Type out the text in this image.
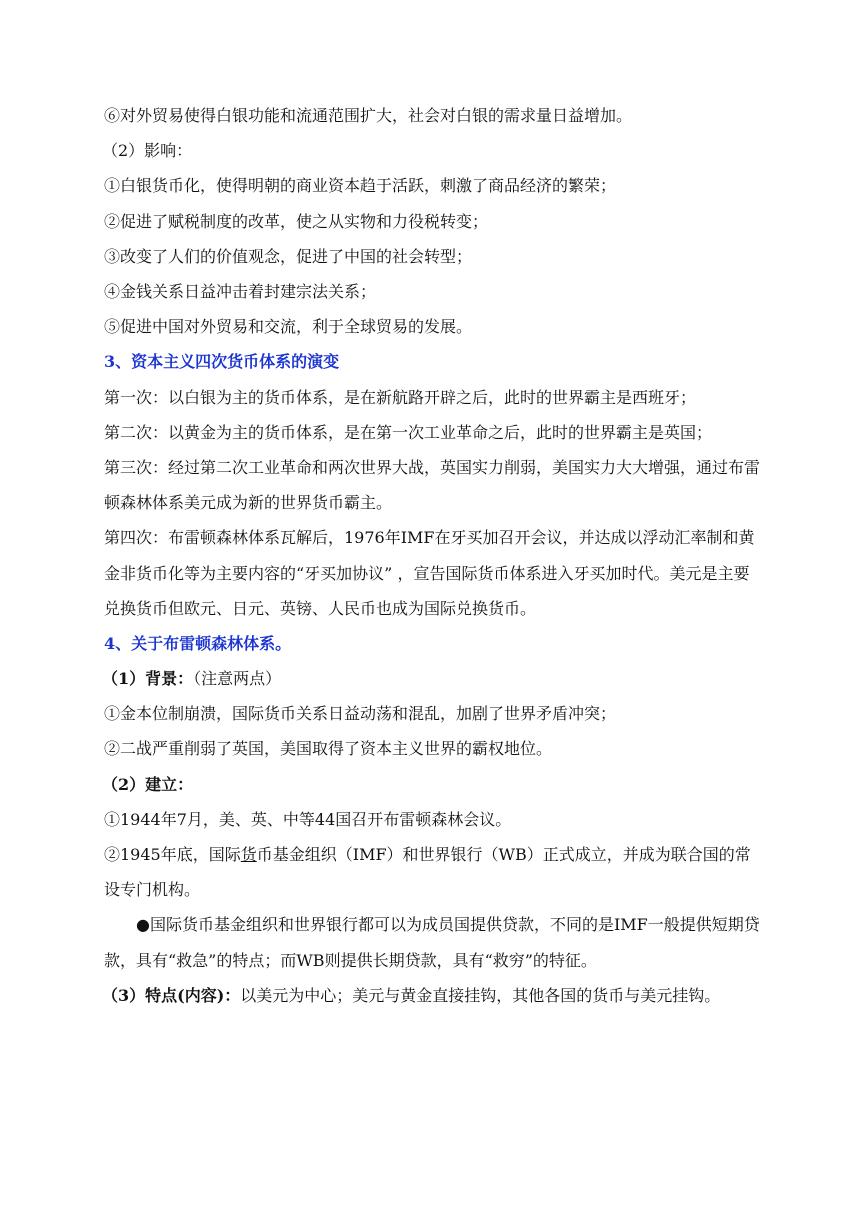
⑥对外贸易使得白银功能和流通范围扩大，社会对白银的需求量日益增加。
（2）影响：
①白银货币化，使得明朝的商业资本趋于活跃，刺激了商品经济的繁荣；
②促进了赋税制度的改革，使之从实物和力役税转变；
③改变了人们的价值观念，促进了中国的社会转型；
④金钱关系日益冲击着封建宗法关系；
⑤促进中国对外贸易和交流，利于全球贸易的发展。
3、资本主义四次货币体系的演变
第一次：以白银为主的货币体系，是在新航路开辟之后，此时的世界霸主是西班牙；
第二次：以黄金为主的货币体系，是在第一次工业革命之后，此时的世界霸主是英国；
第三次：经过第二次工业革命和两次世界大战，英国实力削弱，美国实力大大增强，通过布雷顿森林体系美元成为新的世界货币霸主。
第四次：布雷顿森林体系瓦解后，1976年IMF在牙买加召开会议，并达成以浮动汇率制和黄金非货币化等为主要内容的“牙买加协议” ，宣告国际货币体系进入牙买加时代。美元是主要兑换货币但欧元、日元、英镑、人民币也成为国际兑换货币。
4、关于布雷顿森林体系。
（1）背景：（注意两点）
①金本位制崩溃，国际货币关系日益动荡和混乱，加剧了世界矛盾冲突；
②二战严重削弱了英国，美国取得了资本主义世界的霸权地位。
（2）建立：
①1944年7月，美、英、中等44国召开布雷顿森林会议。
②1945年底，国际货币基金组织（IMF）和世界银行（WB）正式成立，并成为联合国的常设专门机构。
●国际货币基金组织和世界银行都可以为成员国提供贷款，不同的是IMF一般提供短期贷款，具有“救急”的特点；而WB则提供长期贷款，具有“救穷”的特征。
（3）特点(内容)：以美元为中心；美元与黄金直接挂钩，其他各国的货币与美元挂钩。
